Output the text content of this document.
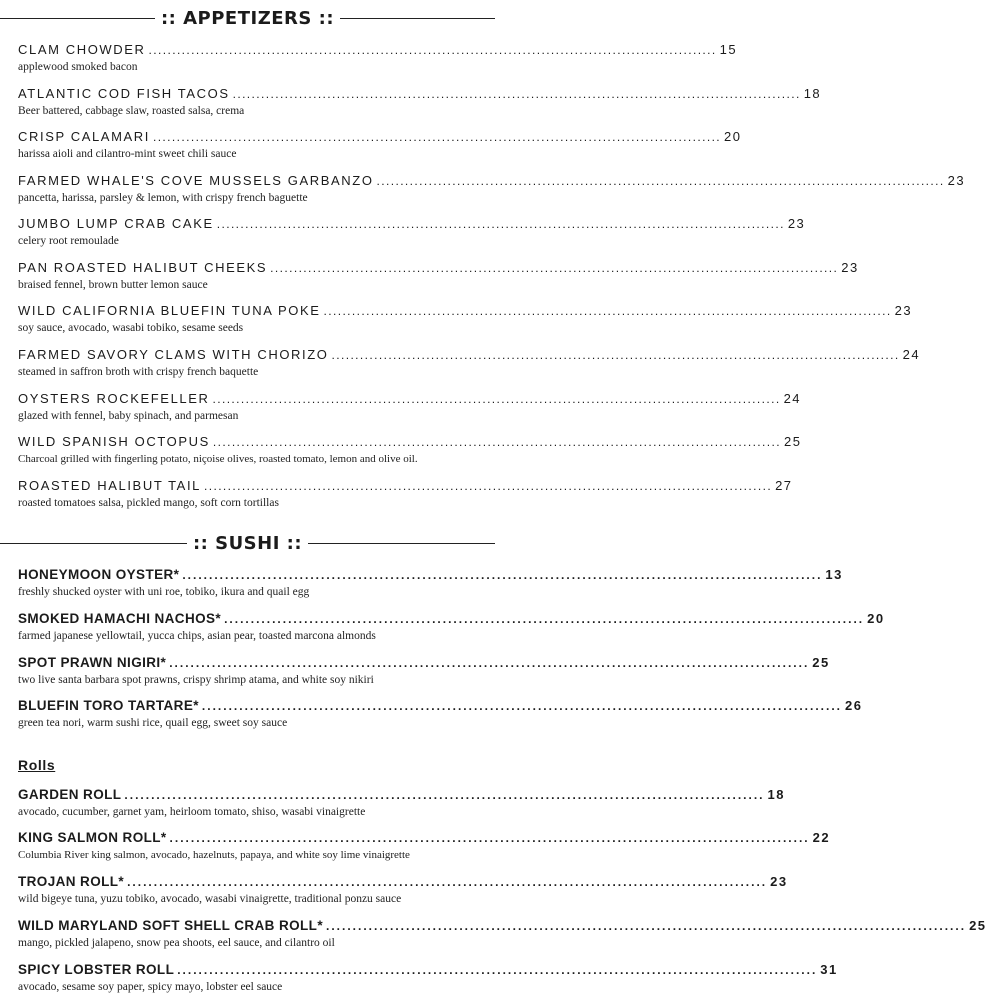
:: APPETIZERS ::
CLAM CHOWDER ........................................................................................................................ 15
applewood smoked bacon
ATLANTIC COD FISH TACOS ........................................................................................................................ 18
Beer battered, cabbage slaw, roasted salsa, crema
CRISP CALAMARI ........................................................................................................................ 20
harissa aioli and cilantro-mint sweet chili sauce
FARMED WHALE'S COVE MUSSELS GARBANZO ........................................................................................................................ 23
pancetta, harissa, parsley & lemon, with crispy french baguette
JUMBO LUMP CRAB CAKE ........................................................................................................................ 23
celery root remoulade
PAN ROASTED HALIBUT CHEEKS ........................................................................................................................ 23
braised fennel, brown butter lemon sauce
WILD CALIFORNIA BLUEFIN TUNA POKE ........................................................................................................................ 23
soy sauce, avocado, wasabi tobiko, sesame seeds
FARMED SAVORY CLAMS WITH CHORIZO ........................................................................................................................ 24
steamed in saffron broth with crispy french baquette
OYSTERS ROCKEFELLER ........................................................................................................................ 24
glazed with fennel, baby spinach, and parmesan
WILD SPANISH OCTOPUS ........................................................................................................................ 25
Charcoal grilled with fingerling potato, niçoise olives, roasted tomato, lemon and olive oil.
ROASTED HALIBUT TAIL ........................................................................................................................ 27
roasted tomatoes salsa, pickled mango, soft corn tortillas
:: SUSHI ::
HONEYMOON OYSTER* ........................................................................................................................ 13
freshly shucked oyster with uni roe, tobiko, ikura and quail egg
SMOKED HAMACHI NACHOS* ........................................................................................................................ 20
farmed japanese yellowtail, yucca chips, asian pear, toasted marcona almonds
SPOT PRAWN NIGIRI* ........................................................................................................................ 25
two live santa barbara spot prawns, crispy shrimp atama, and white soy nikiri
BLUEFIN TORO TARTARE* ........................................................................................................................ 26
green tea nori, warm sushi rice, quail egg, sweet soy sauce
Rolls
GARDEN ROLL ........................................................................................................................ 18
avocado, cucumber, garnet yam, heirloom tomato, shiso, wasabi vinaigrette
KING SALMON ROLL* ........................................................................................................................ 22
Columbia River king salmon, avocado, hazelnuts, papaya, and white soy lime vinaigrette
TROJAN ROLL* ........................................................................................................................ 23
wild bigeye tuna, yuzu tobiko, avocado, wasabi vinaigrette, traditional ponzu sauce
WILD MARYLAND SOFT SHELL CRAB ROLL* ........................................................................................................................ 25
mango, pickled jalapeno, snow pea shoots, eel sauce, and cilantro oil
SPICY LOBSTER ROLL ........................................................................................................................ 31
avocado, sesame soy paper, spicy mayo, lobster eel sauce
